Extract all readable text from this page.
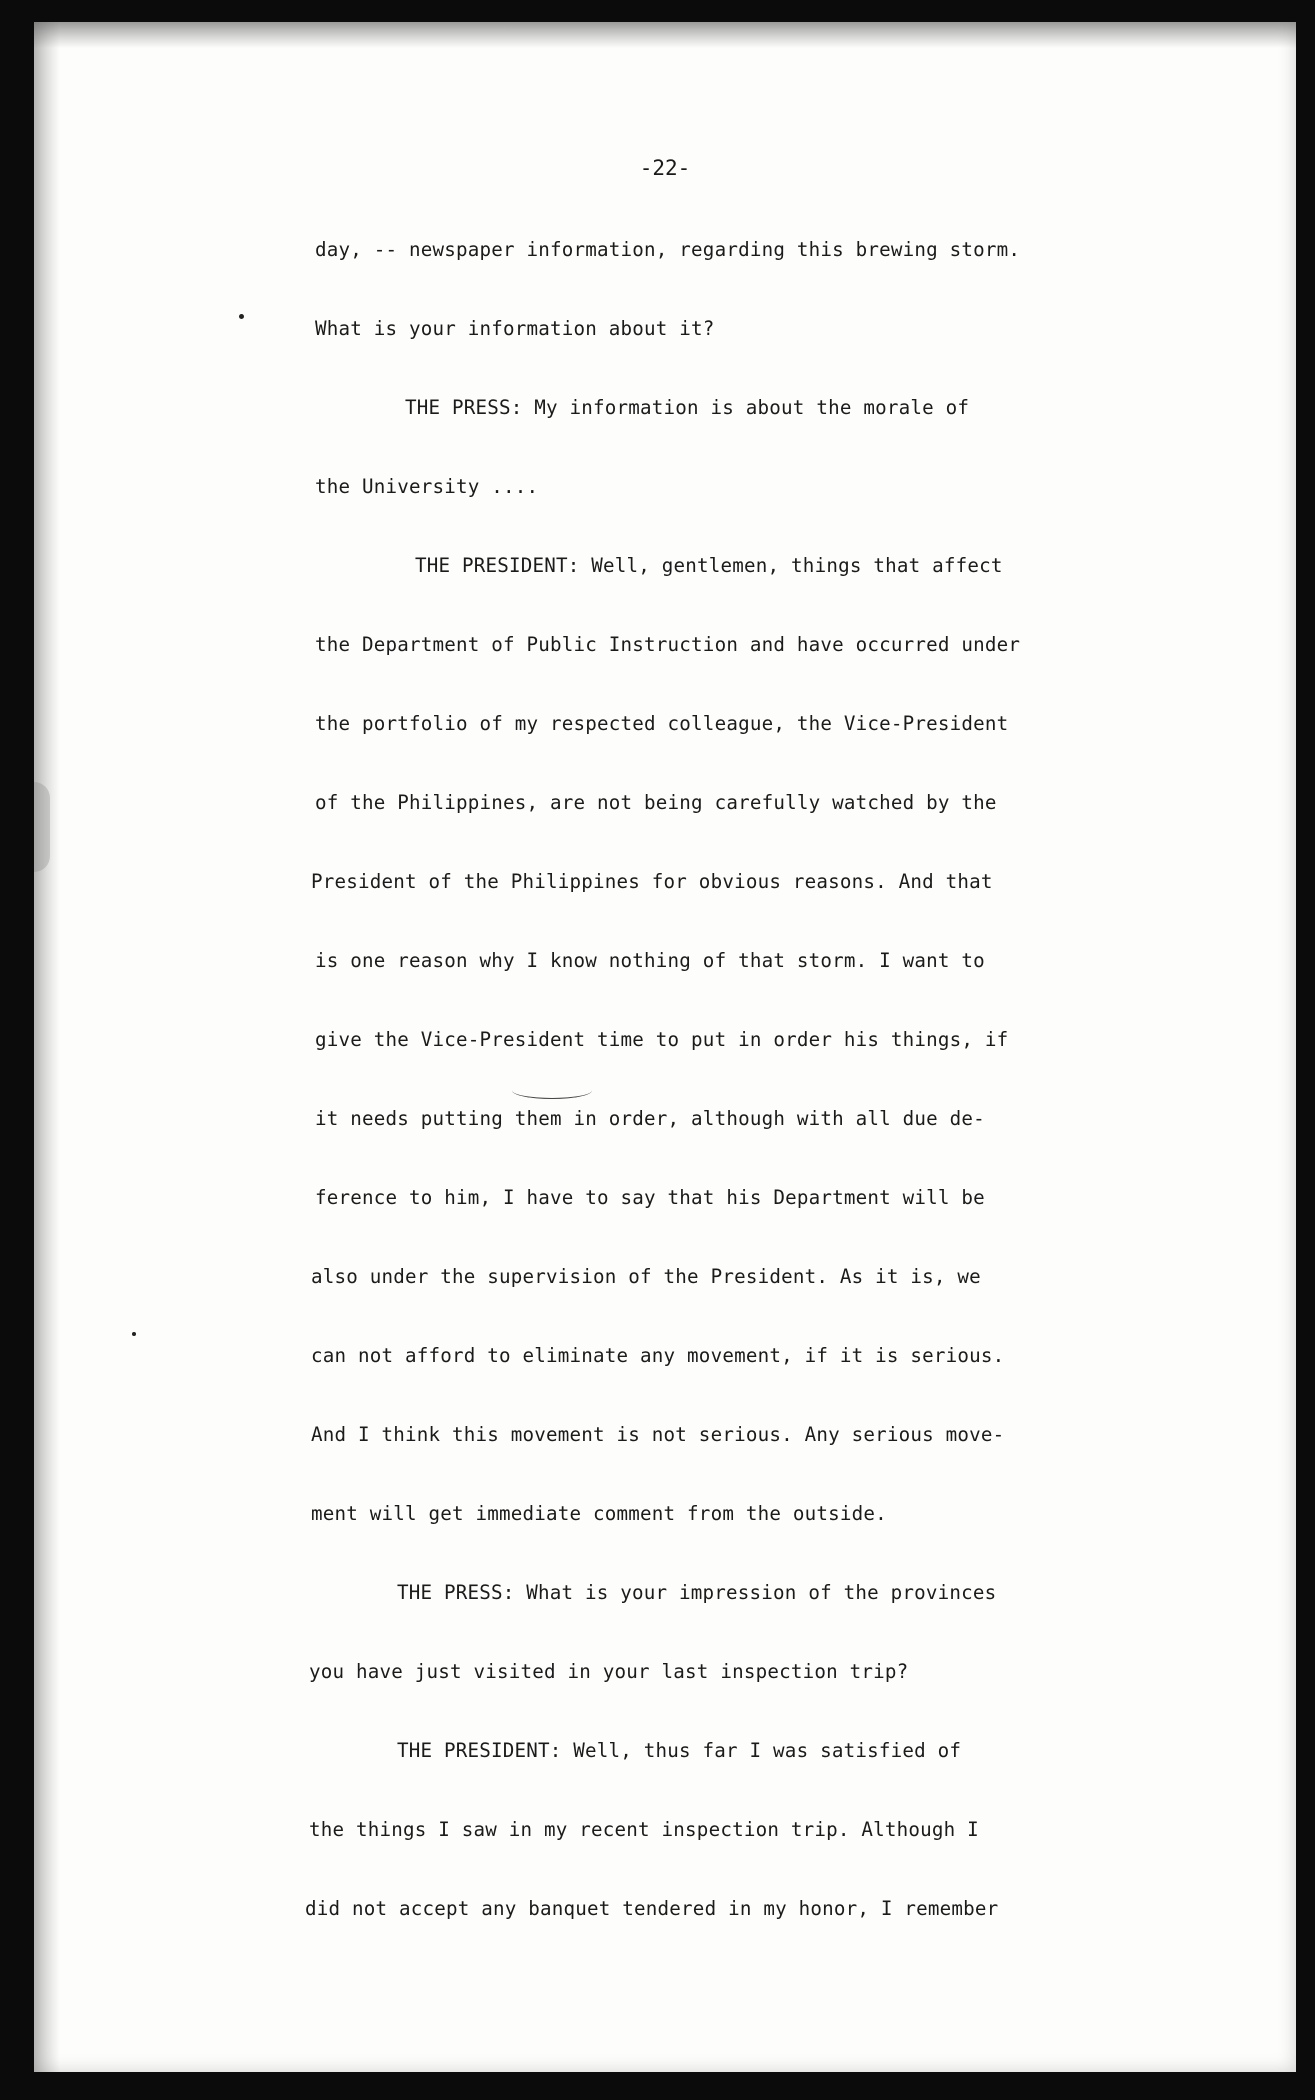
-22-
day, -- newspaper information, regarding this brewing storm.
What is your information about it?
THE PRESS: My information is about the morale of
the University ....
THE PRESIDENT: Well, gentlemen, things that affect
the Department of Public Instruction and have occurred under
the portfolio of my respected colleague, the Vice-President
of the Philippines, are not being carefully watched by the
President of the Philippines for obvious reasons. And that
is one reason why I know nothing of that storm. I want to
give the Vice-President time to put in order his things, if
it needs putting them in order, although with all due de-
ference to him, I have to say that his Department will be
also under the supervision of the President. As it is, we
can not afford to eliminate any movement, if it is serious.
And I think this movement is not serious. Any serious move-
ment will get immediate comment from the outside.
THE PRESS: What is your impression of the provinces
you have just visited in your last inspection trip?
THE PRESIDENT: Well, thus far I was satisfied of
the things I saw in my recent inspection trip. Although I
did not accept any banquet tendered in my honor, I remember
